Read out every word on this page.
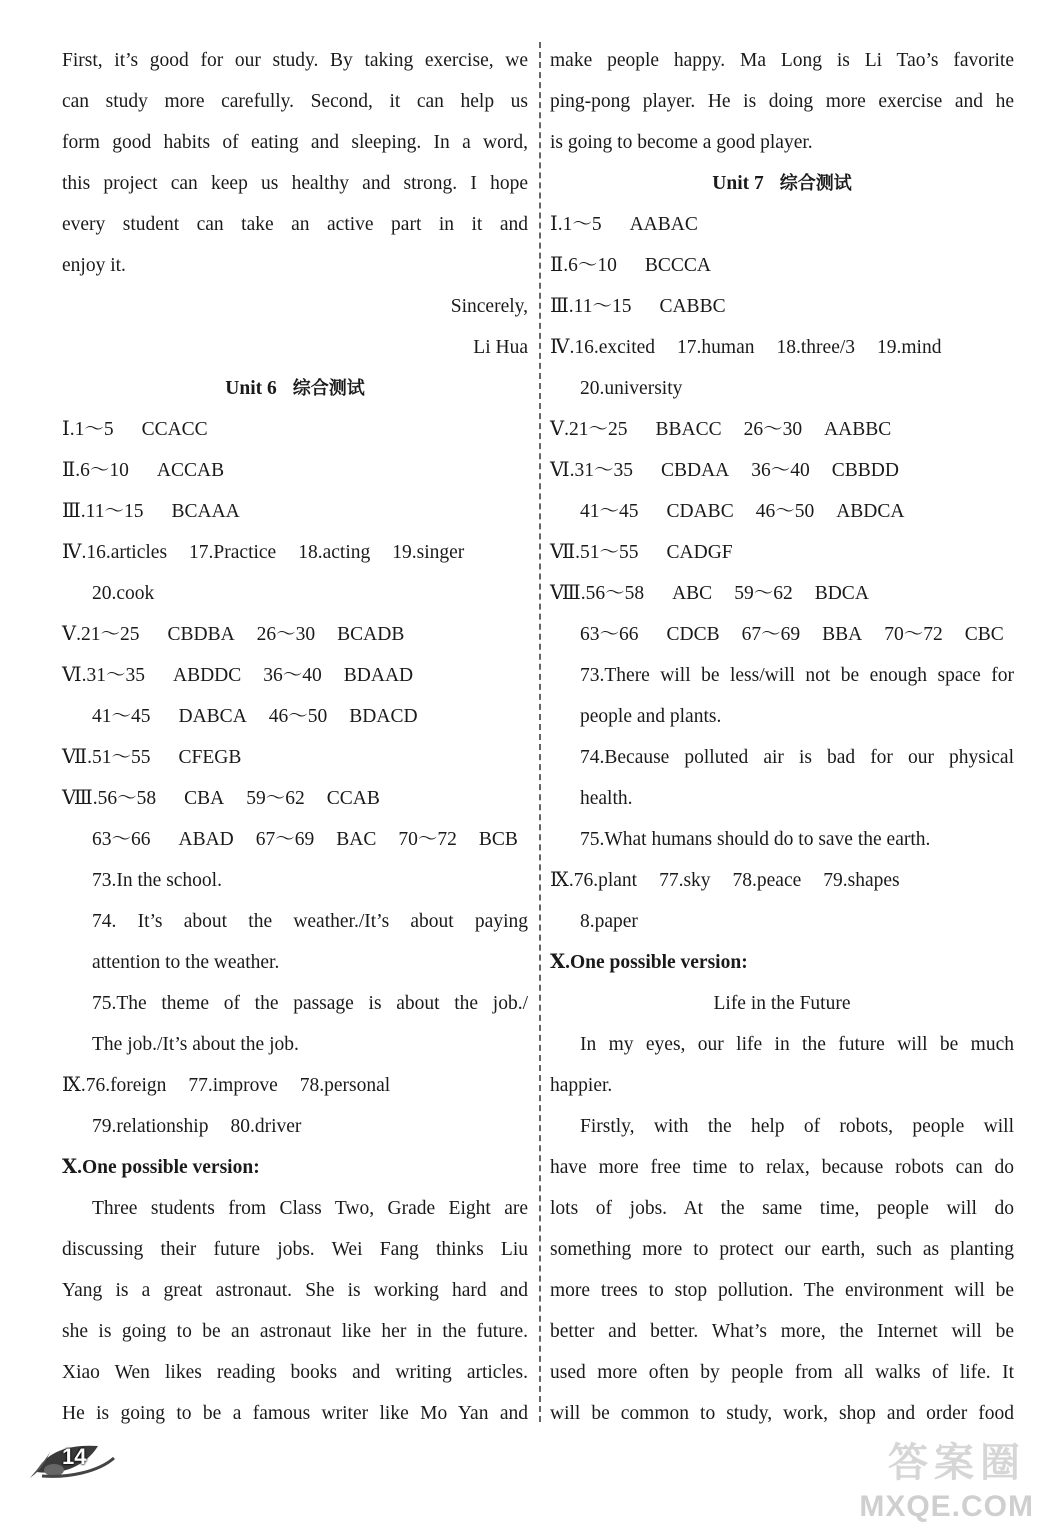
First, it’s good for our study. By taking exercise, we
can study more carefully. Second, it can help us
form good habits of eating and sleeping. In a word,
this project can keep us healthy and strong. I hope
every student can take an active part in it and
enjoy it.
Sincerely,
Li Hua
Unit 6 综合测试
Ⅰ.1～5 CCACC
Ⅱ.6～10 ACCAB
Ⅲ.11～15 BCAAA
Ⅳ.16.articles 17.Practice 18.acting 19.singer
20.cook
Ⅴ.21～25 CBDBA 26～30 BCADB
Ⅵ.31～35 ABDDC 36～40 BDAAD
41～45 DABCA 46～50 BDACD
Ⅶ.51～55 CFEGB
Ⅷ.56～58 CBA 59～62 CCAB
63～66 ABAD 67～69 BAC 70～72 BCB
73.In the school.
74. It’s about the weather./It’s about paying
attention to the weather.
75.The theme of the passage is about the job./
The job./It’s about the job.
Ⅸ.76.foreign 77.improve 78.personal
79.relationship 80.driver
Ⅹ.One possible version:
Three students from Class Two, Grade Eight are
discussing their future jobs. Wei Fang thinks Liu
Yang is a great astronaut. She is working hard and
she is going to be an astronaut like her in the future.
Xiao Wen likes reading books and writing articles.
He is going to be a famous writer like Mo Yan and
make people happy. Ma Long is Li Tao’s favorite
ping-pong player. He is doing more exercise and he
is going to become a good player.
Unit 7 综合测试
Ⅰ.1～5 AABAC
Ⅱ.6～10 BCCCA
Ⅲ.11～15 CABBC
Ⅳ.16.excited 17.human 18.three/3 19.mind
20.university
Ⅴ.21～25 BBACC 26～30 AABBC
Ⅵ.31～35 CBDAA 36～40 CBBDD
41～45 CDABC 46～50 ABDCA
Ⅶ.51～55 CADGF
Ⅷ.56～58 ABC 59～62 BDCA
63～66 CDCB 67～69 BBA 70～72 CBC
73.There will be less/will not be enough space for
people and plants.
74.Because polluted air is bad for our physical
health.
75.What humans should do to save the earth.
Ⅸ.76.plant 77.sky 78.peace 79.shapes
8.paper
Ⅹ.One possible version:
Life in the Future
In my eyes, our life in the future will be much
happier.
Firstly, with the help of robots, people will
have more free time to relax, because robots can do
lots of jobs. At the same time, people will do
something more to protect our earth, such as planting
more trees to stop pollution. The environment will be
better and better. What’s more, the Internet will be
used more often by people from all walks of life. It
will be common to study, work, shop and order food
14	答案圈
MXQE.COM
